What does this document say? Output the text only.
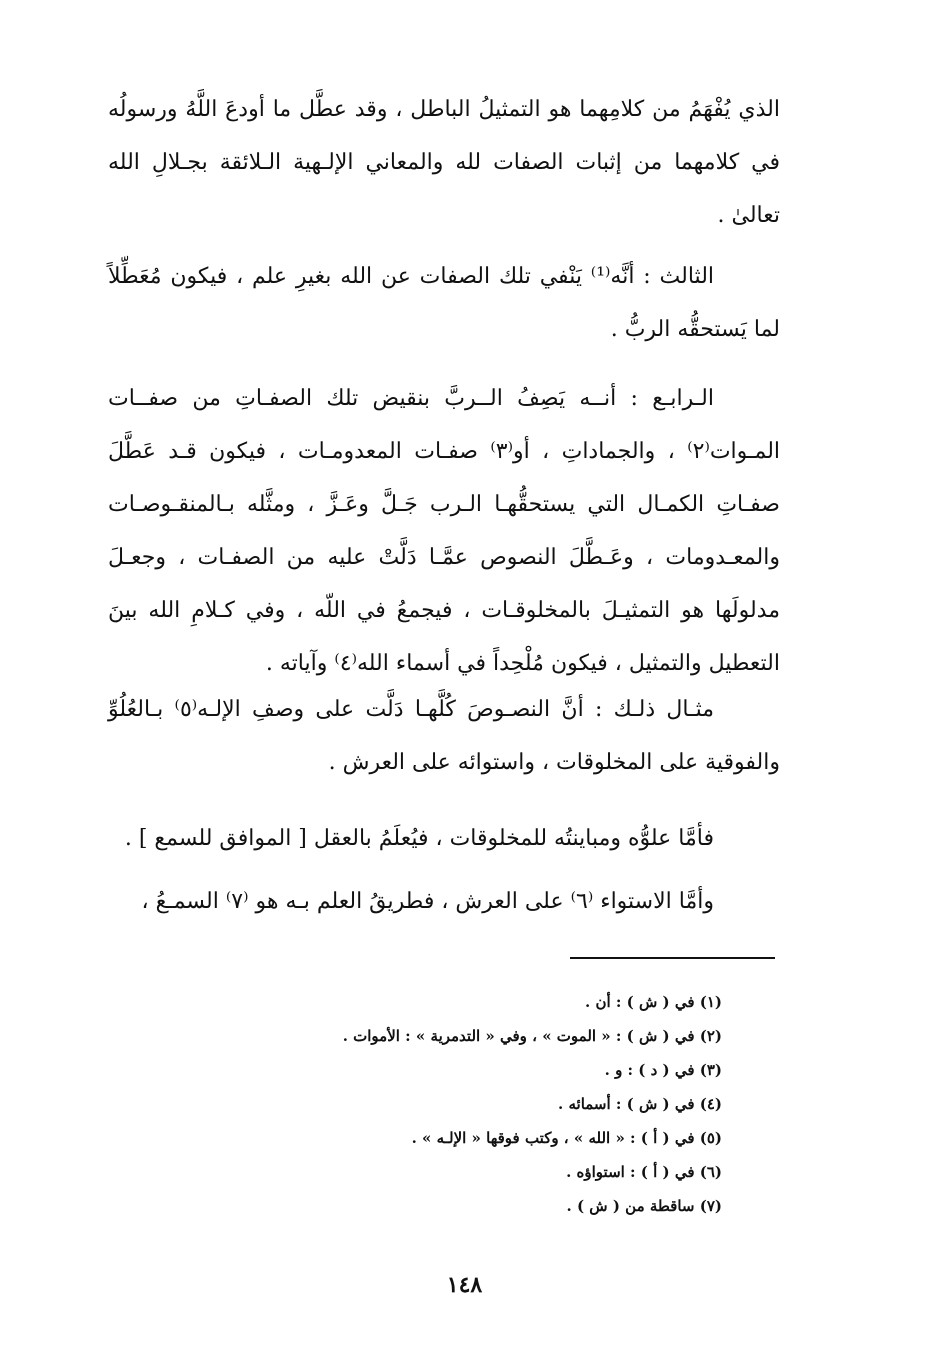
الذي يُفْهَمُ من كلامِهما هو التمثيلُ الباطل ، وقد عطَّل ما أودعَ اللَّهُ ورسولُه في كلامهما من إثبات الصفات لله والمعاني الإلـهية الـلائقة بجـلالِ الله تعالىٰ .

الثالث : أنَّه⁽¹⁾ يَنْفي تلك الصفات عن الله بغيرِ علم ، فيكون مُعَطِّلاً لما يَستحقُّه الربُّ .

الـرابـع : أنــه يَصِفُ الــربَّ بنقيض تلك الصفـاتِ من صفــات المـوات⁽٢⁾ ، والجماداتِ ، أو⁽٣⁾ صفـات المعدومـات ، فيكون قـد عَطَّلَ صفـاتِ الكمـال التي يستحقُّهـا الـرب جَـلَّ وعَـزَّ ، ومثَّله بـالمنقـوصـات والمعـدومات ، وعَـطَّلَ النصوص عمَّـا دَلَّتْ عليه من الصفـات ، وجعـلَ مدلولَها هو التمثيـلَ بالمخلوقـات ، فيجمعُ في اللّه ، وفي كـلامِ الله بينَ التعطيل والتمثيل ، فيكون مُلْحِداً في أسماء الله⁽٤⁾ وآياته .

مثـال ذلـك : أنَّ النصـوصَ كُلَّهـا دَلَّت على وصفِ الإلـه⁽٥⁾ بـالعُلُوِّ والفوقية على المخلوقات ، واستوائه على العرش .

فأمَّا علوُّه ومباينتُه للمخلوقات ، فيُعلَمُ بالعقل [ الموافق للسمع ] .

وأمَّا الاستواء ⁽٦⁾ على العرش ، فطريقُ العلم بـه هو ⁽٧⁾ السمـعُ ،

(١) في ( ش ) : أن .

(٢) في ( ش ) : « الموت » ، وفي « التدمرية » : الأموات .

(٣) في ( د ) : و .

(٤) في ( ش ) : أسمائه .

(٥) في ( أ ) : « الله » ، وكتب فوقها « الإلـه » .

(٦) في ( أ ) : استواؤه .

(٧) ساقطة من ( ش ) .

١٤٨
